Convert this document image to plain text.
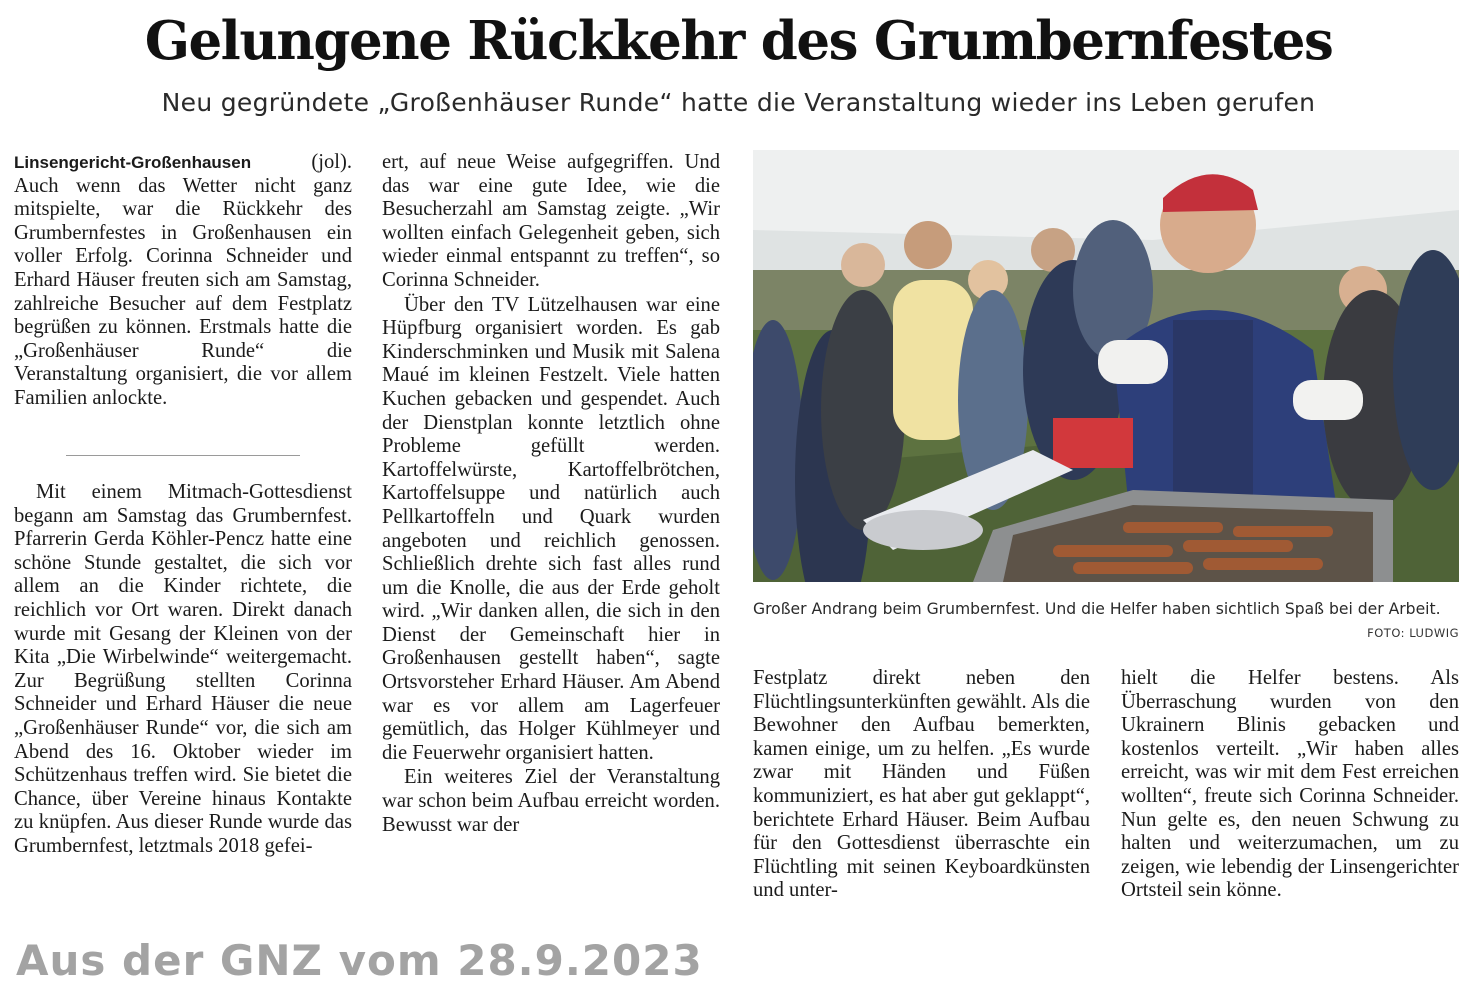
Gelungene Rückkehr des Grumbernfestes
Neu gegründete „Großenhäuser Runde“ hatte die Veranstaltung wieder ins Leben gerufen

Linsengericht-Großenhausen	(jol).

Auch wenn das Wetter nicht ganz mitspielte, war die Rückkehr des Grumbernfestes in Großenhausen ein voller Erfolg. Corinna Schneider und Erhard Häuser freuten sich am Samstag, zahlreiche Besucher auf dem Festplatz begrüßen zu können. Erstmals hatte die „Großenhäuser Runde“ die Veranstaltung organisiert, die vor allem Familien anlockte.

Mit einem Mitmach-Gottesdienst begann am Samstag das Grumbernfest. Pfarrerin Gerda Köhler-Pencz hatte eine schöne Stunde gestaltet, die sich vor allem an die Kinder richtete, die reichlich vor Ort waren. Direkt danach wurde mit Gesang der Kleinen von der Kita „Die Wirbelwinde“ weitergemacht. Zur Begrüßung stellten Corinna Schneider und Erhard Häuser die neue „Großenhäuser Runde“ vor, die sich am Abend des 16. Oktober wieder im Schützenhaus treffen wird. Sie bietet die Chance, über Vereine hinaus Kontakte zu knüpfen. Aus dieser Runde wurde das Grumbernfest, letztmals 2018 gefei-

ert, auf neue Weise aufgegriffen. Und das war eine gute Idee, wie die Besucherzahl am Samstag zeigte. „Wir wollten einfach Gelegenheit geben, sich wieder einmal entspannt zu treffen“, so Corinna Schneider.

Über den TV Lützelhausen war eine Hüpfburg organisiert worden. Es gab Kinderschminken und Musik mit Salena Maué im kleinen Festzelt. Viele hatten Kuchen gebacken und gespendet. Auch der Dienstplan konnte letztlich ohne Probleme gefüllt werden. Kartoffelwürste, Kartoffelbrötchen, Kartoffelsuppe und natürlich auch Pellkartoffeln und Quark wurden angeboten und reichlich genossen. Schließlich drehte sich fast alles rund um die Knolle, die aus der Erde geholt wird. „Wir danken allen, die sich in den Dienst der Gemeinschaft hier in Großenhausen gestellt haben“, sagte Ortsvorsteher Erhard Häuser. Am Abend war es vor allem am Lagerfeuer gemütlich, das Holger Kühlmeyer und die Feuerwehr organisiert hatten.

Ein weiteres Ziel der Veranstaltung war schon beim Aufbau erreicht worden. Bewusst war der

Großer Andrang beim Grumbernfest. Und die Helfer haben sichtlich Spaß bei der Arbeit.
FOTO: LUDWIG

Festplatz direkt neben den Flüchtlingsunterkünften gewählt. Als die Bewohner den Aufbau bemerkten, kamen einige, um zu helfen. „Es wurde zwar mit Händen und Füßen kommuniziert, es hat aber gut geklappt“, berichtete Erhard Häuser. Beim Aufbau für den Gottesdienst überraschte ein Flüchtling mit seinen Keyboardkünsten und unter-

hielt die Helfer bestens. Als Überraschung wurden von den Ukrainern Blinis gebacken und kostenlos verteilt. „Wir haben alles erreicht, was wir mit dem Fest erreichen wollten“, freute sich Corinna Schneider. Nun gelte es, den neuen Schwung zu halten und weiterzumachen, um zu zeigen, wie lebendig der Linsengerichter Ortsteil sein könne.

Aus der GNZ vom 28.9.2023
